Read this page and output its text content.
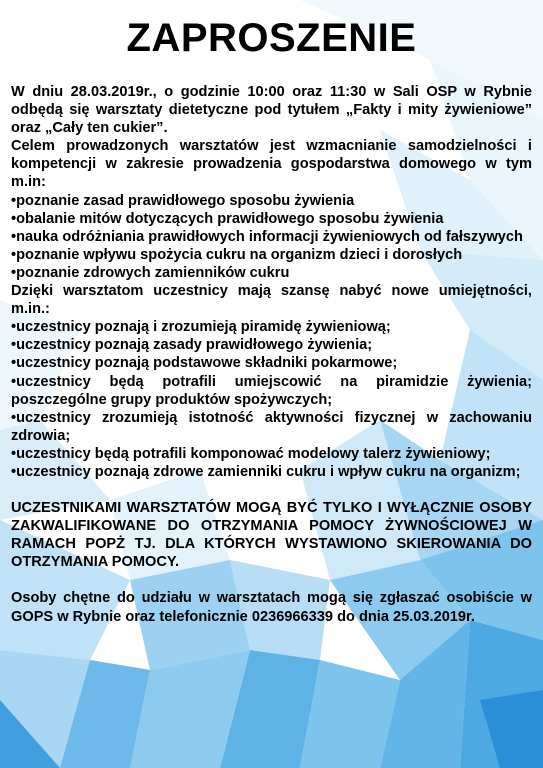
ZAPROSZENIE

W dniu 28.03.2019r., o godzinie 10:00 oraz 11:30 w Sali OSP w Rybnie odbędą się warsztaty dietetyczne pod tytułem „Fakty i mity żywieniowe” oraz „Cały ten cukier”.

Celem prowadzonych warsztatów jest wzmacnianie samodzielności i kompetencji w zakresie prowadzenia gospodarstwa domowego w tym m.in:

•poznanie zasad prawidłowego sposobu żywienia
•obalanie mitów dotyczących prawidłowego sposobu żywienia
•nauka odróżniania prawidłowych informacji żywieniowych od fałszywych
•poznanie wpływu spożycia cukru na organizm dzieci i dorosłych
•poznanie zdrowych zamienników cukru

Dzięki warsztatom uczestnicy mają szansę nabyć nowe umiejętności, m.in.:

•uczestnicy poznają i zrozumieją piramidę żywieniową;
•uczestnicy poznają zasady prawidłowego żywienia;
•uczestnicy poznają podstawowe składniki pokarmowe;
•uczestnicy będą potrafili umiejscowić na piramidzie żywienia; poszczególne grupy produktów spożywczych;
•uczestnicy zrozumieją istotność aktywności fizycznej w zachowaniu zdrowia;
•uczestnicy będą potrafili komponować modelowy talerz żywieniowy;
•uczestnicy poznają zdrowe zamienniki cukru i wpływ cukru na organizm;

UCZESTNIKAMI WARSZTATÓW MOGĄ BYĆ TYLKO I WYŁĄCZNIE OSOBY ZAKWALIFIKOWANE DO OTRZYMANIA POMOCY ŻYWNOŚCIOWEJ W RAMACH POPŻ TJ. DLA KTÓRYCH WYSTAWIONO SKIEROWANIA DO OTRZYMANIA POMOCY.

Osoby chętne do udziału w warsztatach mogą się zgłaszać osobiście w GOPS w Rybnie oraz telefonicznie 0236966339 do dnia 25.03.2019r.
